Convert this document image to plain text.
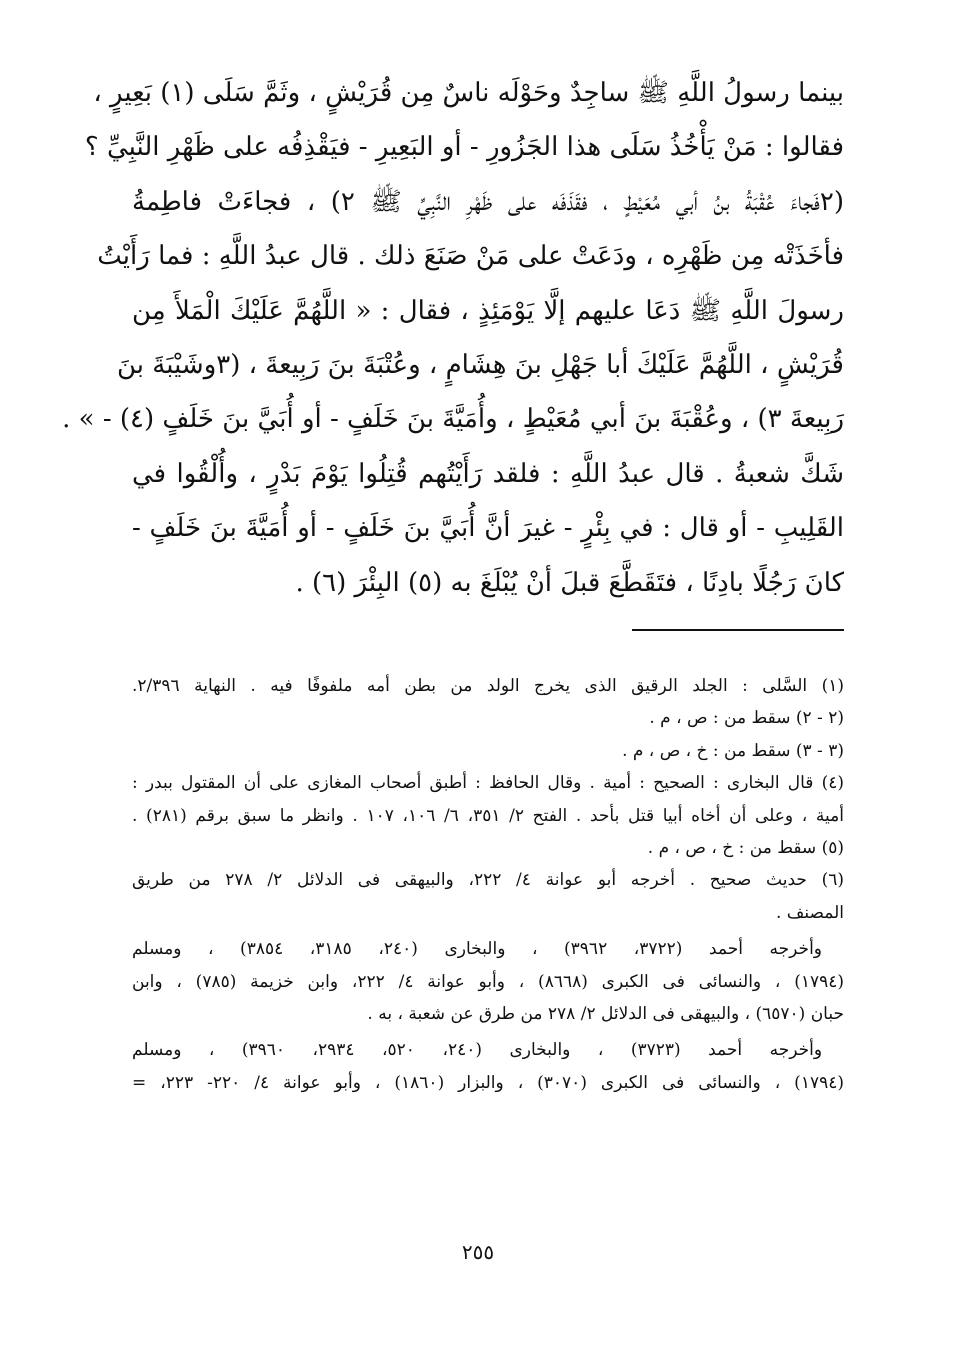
بينما رسولُ اللَّهِ ﷺ ساجِدٌ وحَوْلَه ناسٌ مِن قُرَيْشٍ ، وثَمَّ سَلَى (١) بَعِيرٍ ،
فقالوا : مَنْ يَأْخُذُ سَلَى هذا الجَزُورِ - أو البَعِيرِ - فيَقْذِفُه على ظَهْرِ النَّبِيِّ ؟
(٢فَجاءَ عُقْبَةُ بنُ أبي مُعَيْطٍ ، فقَذَفَه على ظَهْرِ النَّبِيِّ ﷺ ٢) ، فجاءَتْ فاطِمةُ
فأخَذَتْه مِن ظَهْرِه ، ودَعَتْ على مَنْ صَنَعَ ذلك . قال عبدُ اللَّهِ : فما رَأَيْتُ
رسولَ اللَّهِ ﷺ دَعَا عليهم إلَّا يَوْمَئِذٍ ، فقال : « اللَّهُمَّ عَلَيْكَ الْمَلأَ مِن
قُرَيْشٍ ، اللَّهُمَّ عَلَيْكَ أبا جَهْلِ بنَ هِشَامٍ ، وعُتْبَةَ بنَ رَبِيعةَ ، (٣وشَيْبَةَ بنَ
رَبِيعةَ ٣) ، وعُقْبَةَ بنَ أبي مُعَيْطٍ ، وأُمَيَّةَ بنَ خَلَفٍ - أو أُبَيَّ بنَ خَلَفٍ (٤) - » .
شَكَّ شعبةُ . قال عبدُ اللَّهِ : فلقد رَأَيْتُهم قُتِلُوا يَوْمَ بَدْرٍ ، وأُلْقُوا في
القَلِيبِ - أو قال : في بِئْرٍ - غيرَ أنَّ أُبَيَّ بنَ خَلَفٍ - أو أُمَيَّةَ بنَ خَلَفٍ -
كانَ رَجُلًا بادِنًا ، فتَقَطَّعَ قبلَ أنْ يُبْلَغَ به (٥) البِئْرَ (٦) .
(١) السَّلى : الجلد الرقيق الذى يخرج الولد من بطن أمه ملفوفًا فيه . النهاية ٢/٣٩٦.
(٢ - ٢) سقط من : ص ، م .
(٣ - ٣) سقط من : خ ، ص ، م .
(٤) قال البخارى : الصحيح : أمية . وقال الحافظ : أطبق أصحاب المغازى على أن المقتول ببدر :
أمية ، وعلى أن أخاه أبيا قتل بأحد . الفتح ٢/ ٣٥١، ٦/ ١٠٦، ١٠٧ . وانظر ما سبق برقم (٢٨١) .
(٥) سقط من : خ ، ص ، م .
(٦) حديث صحيح . أخرجه أبو عوانة ٤/ ٢٢٢، والبيهقى فى الدلائل ٢/ ٢٧٨ من طريق
المصنف .
وأخرجه أحمد (٣٧٢٢، ٣٩٦٢) ، والبخارى (٢٤٠، ٣١٨٥، ٣٨٥٤) ، ومسلم
(١٧٩٤) ، والنسائى فى الكبرى (٨٦٦٨) ، وأبو عوانة ٤/ ٢٢٢، وابن خزيمة (٧٨٥) ، وابن
حبان (٦٥٧٠) ، والبيهقى فى الدلائل ٢/ ٢٧٨ من طرق عن شعبة ، به .
وأخرجه أحمد (٣٧٢٣) ، والبخارى (٢٤٠، ٥٢٠، ٢٩٣٤، ٣٩٦٠) ، ومسلم
(١٧٩٤) ، والنسائى فى الكبرى (٣٠٧٠) ، والبزار (١٨٦٠) ، وأبو عوانة ٤/ ٢٢٠- ٢٢٣، =
٢٥٥
